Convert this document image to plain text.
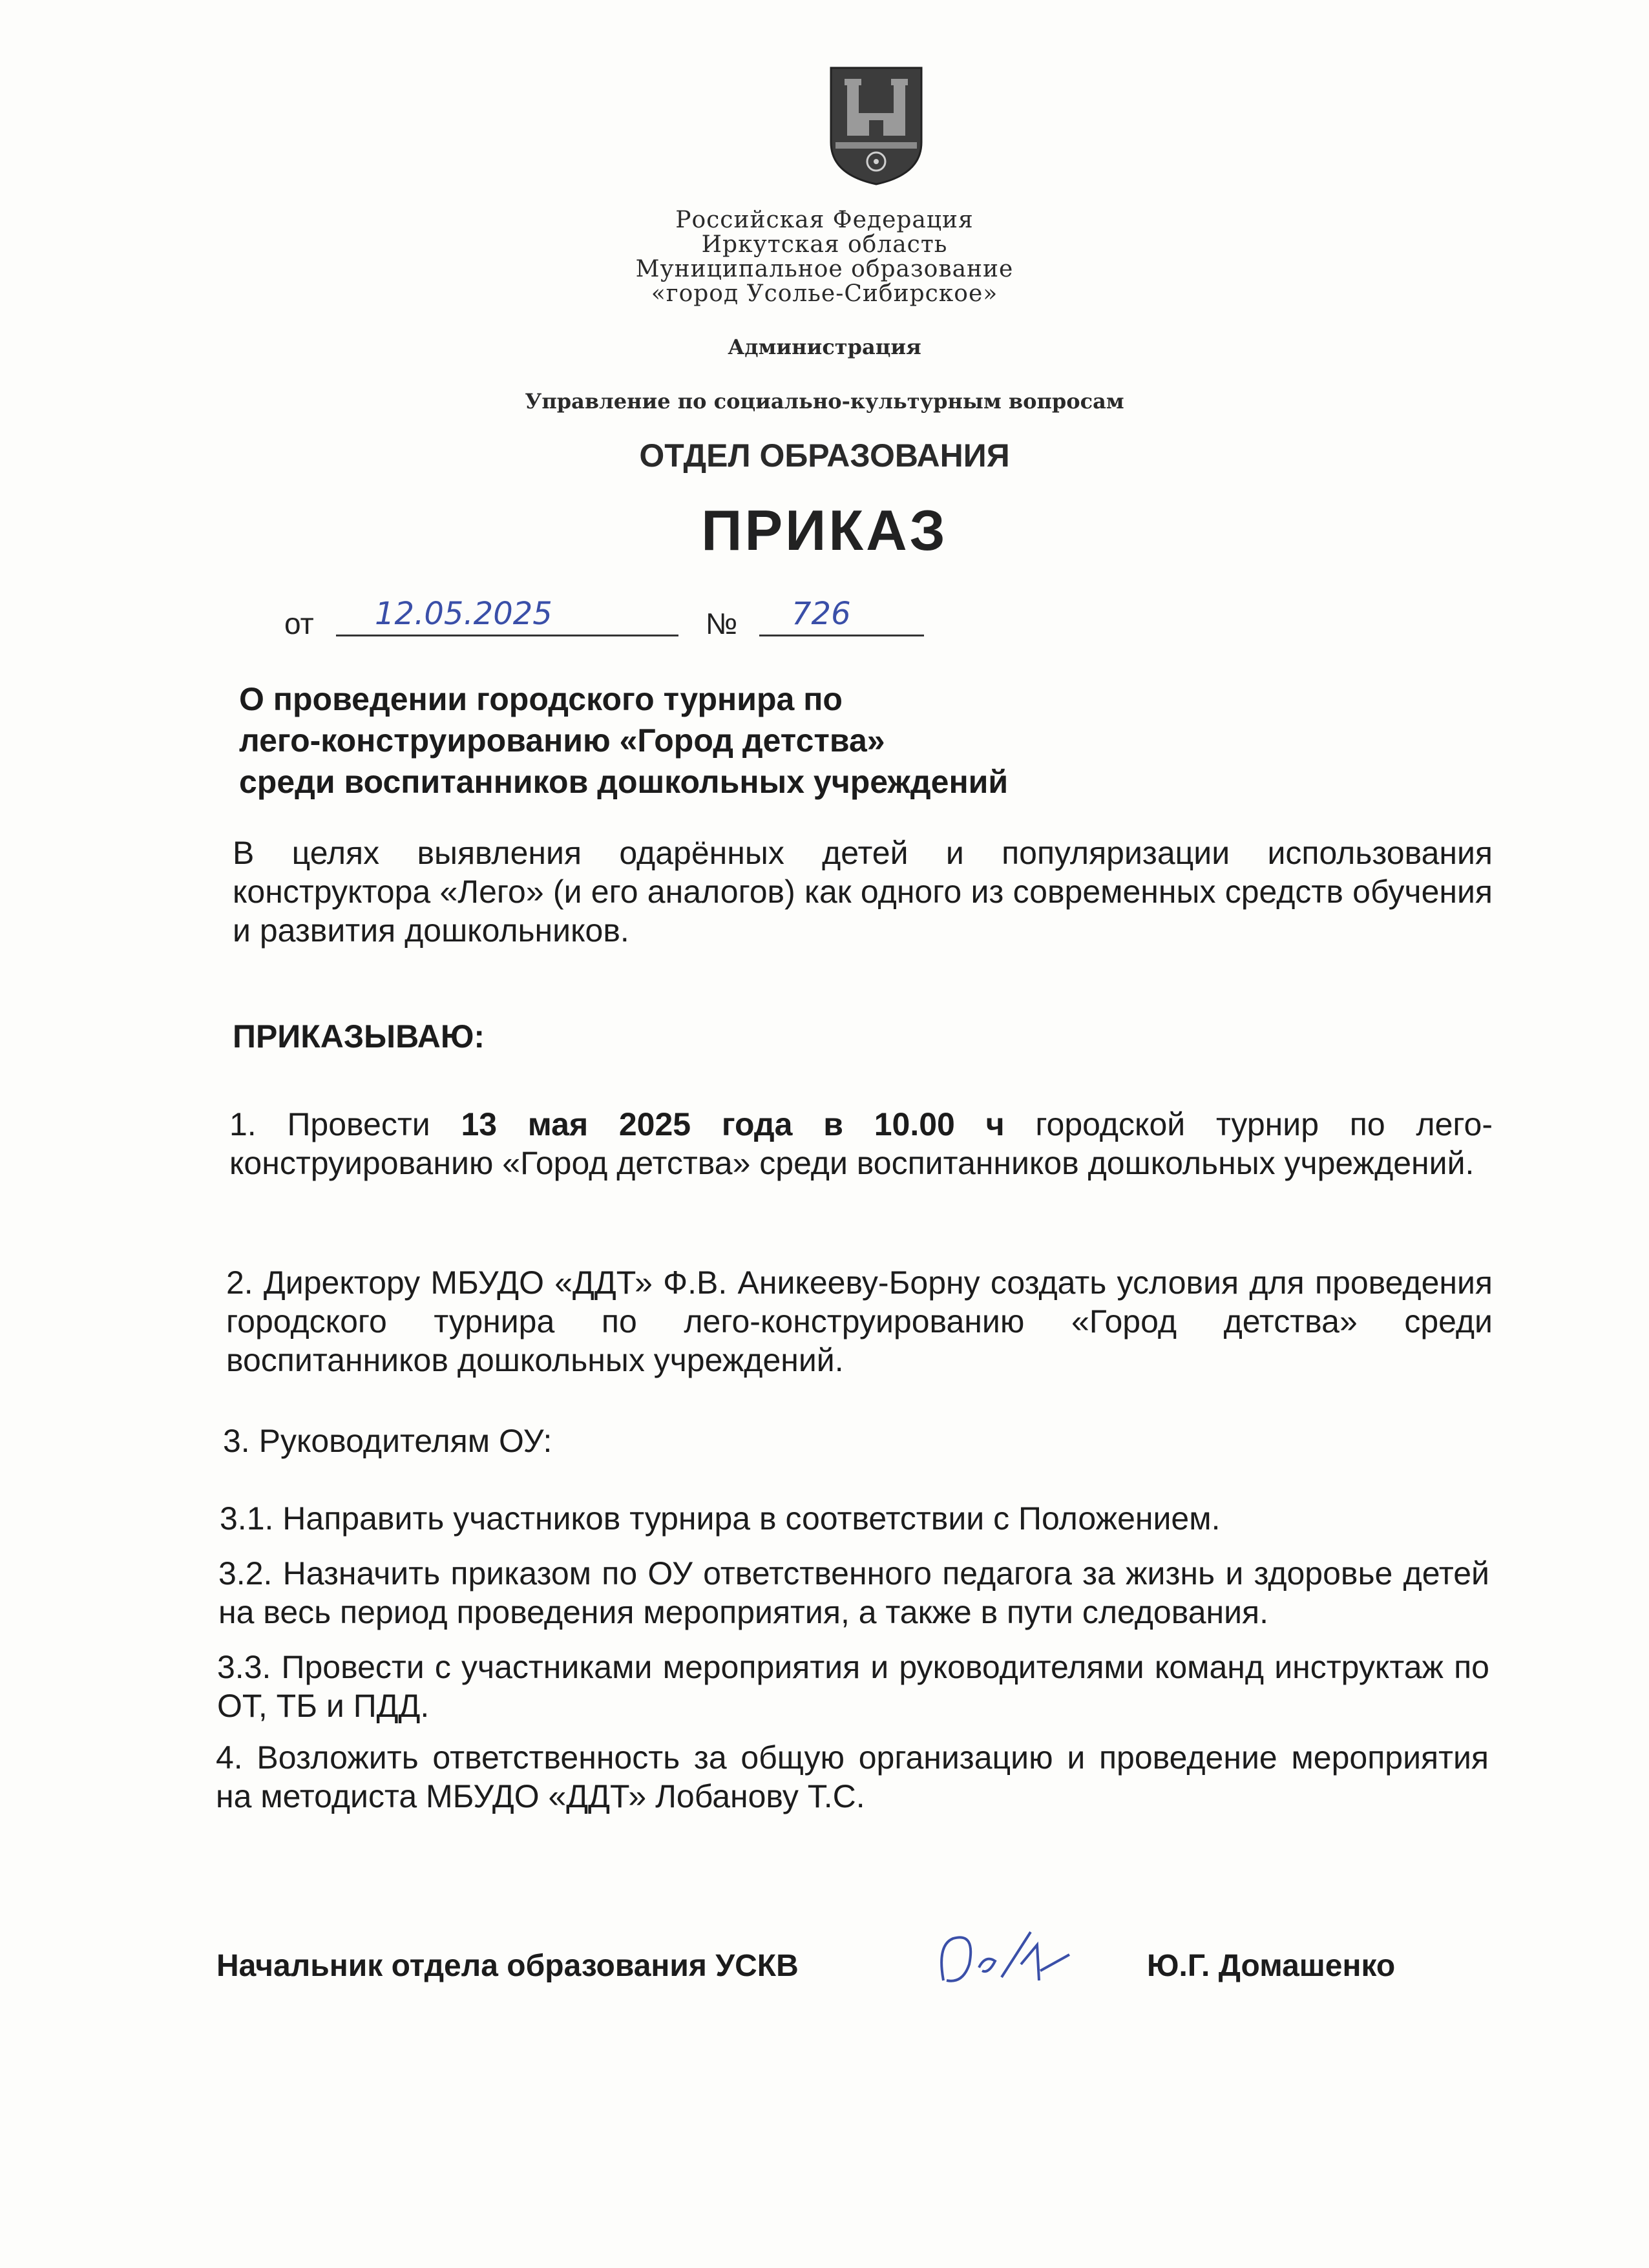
Российская Федерация
Иркутская область
Муниципальное образование
«город Усолье-Сибирское»
Администрация
Управление по социально-культурным вопросам
ОТДЕЛ ОБРАЗОВАНИЯ
ПРИКАЗ
от 12.05.2025	№ 726
О проведении городского турнира по
лего-конструированию «Город детства»
среди воспитанников дошкольных учреждений
В целях выявления одарённых детей и популяризации использования конструктора «Лего» (и его аналогов) как одного из современных средств обучения и развития дошкольников.
ПРИКАЗЫВАЮ:
1. Провести 13 мая 2025 года в 10.00 ч городской турнир по лего-конструированию «Город детства» среди воспитанников дошкольных учреждений.
2. Директору МБУДО «ДДТ» Ф.В. Аникееву-Борну создать условия для проведения городского турнира по лего-конструированию «Город детства» среди воспитанников дошкольных учреждений.
3. Руководителям ОУ:
3.1. Направить участников турнира в соответствии с Положением.
3.2. Назначить приказом по ОУ ответственного педагога за жизнь и здоровье детей на весь период проведения мероприятия, а также в пути следования.
3.3. Провести с участниками мероприятия и руководителями команд инструктаж по ОТ, ТБ и ПДД.
4. Возложить ответственность за общую организацию и проведение мероприятия на методиста МБУДО «ДДТ» Лобанову Т.С.
Начальник отдела образования УСКВ	Ю.Г. Домашенко
